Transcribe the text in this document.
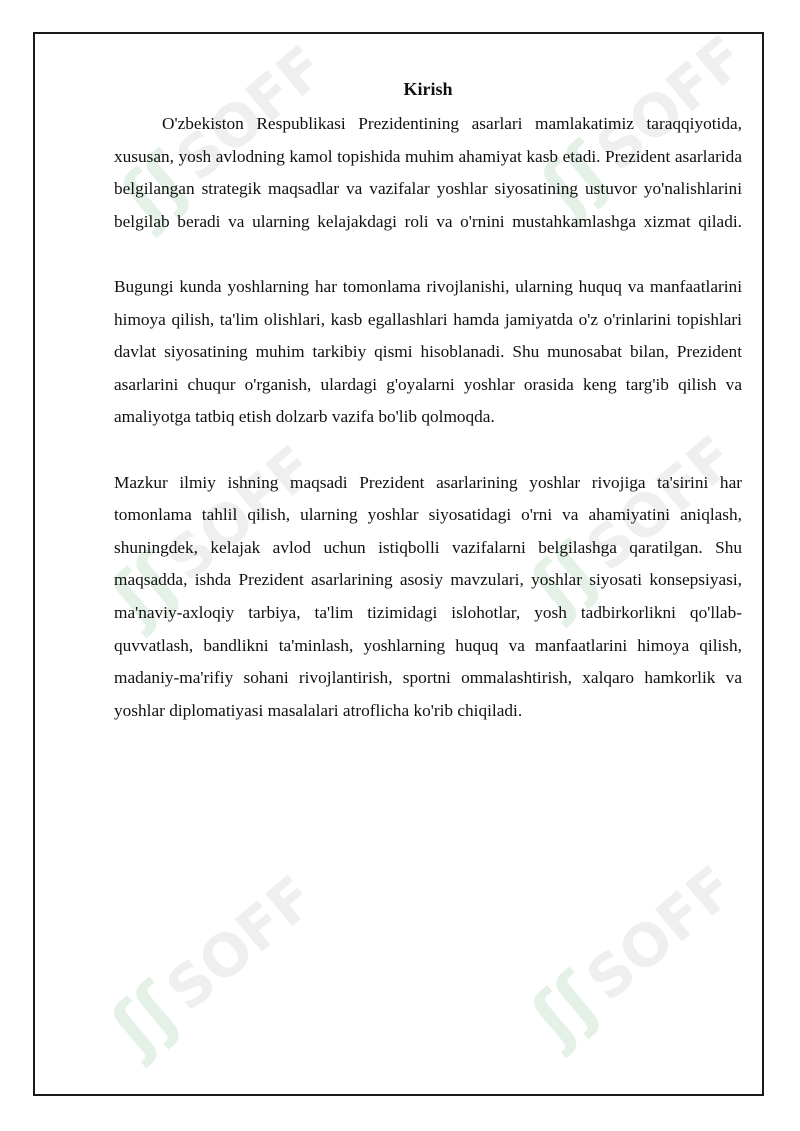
ʃʃ
SOFF	ʃʃ
SOFF
ʃʃ
SOFF	ʃʃ
SOFF
ʃʃ
SOFF	ʃʃ
SOFF
Kirish

O'zbekiston Respublikasi Prezidentining asarlari mamlakatimiz taraqqiyotida, xususan, yosh avlodning kamol topishida muhim ahamiyat kasb etadi. Prezident asarlarida belgilangan strategik maqsadlar va vazifalar yoshlar siyosatining ustuvor yo'nalishlarini belgilab beradi va ularning kelajakdagi roli va o'rnini mustahkamlashga xizmat qiladi.

Bugungi kunda yoshlarning har tomonlama rivojlanishi, ularning huquq va manfaatlarini himoya qilish, ta'lim olishlari, kasb egallashlari hamda jamiyatda o'z o'rinlarini topishlari davlat siyosatining muhim tarkibiy qismi hisoblanadi. Shu munosabat bilan, Prezident asarlarini chuqur o'rganish, ulardagi g'oyalarni yoshlar orasida keng targ'ib qilish va amaliyotga tatbiq etish dolzarb vazifa bo'lib qolmoqda.

Mazkur ilmiy ishning maqsadi Prezident asarlarining yoshlar rivojiga ta'sirini har tomonlama tahlil qilish, ularning yoshlar siyosatidagi o'rni va ahamiyatini aniqlash, shuningdek, kelajak avlod uchun istiqbolli vazifalarni belgilashga qaratilgan. Shu maqsadda, ishda Prezident asarlarining asosiy mavzulari, yoshlar siyosati konsepsiyasi, ma'naviy-axloqiy tarbiya, ta'lim tizimidagi islohotlar, yosh tadbirkorlikni qo'llab-quvvatlash, bandlikni ta'minlash, yoshlarning huquq va manfaatlarini himoya qilish, madaniy-ma'rifiy sohani rivojlantirish, sportni ommalashtirish, xalqaro hamkorlik va yoshlar diplomatiyasi masalalari atroflicha ko'rib chiqiladi.
